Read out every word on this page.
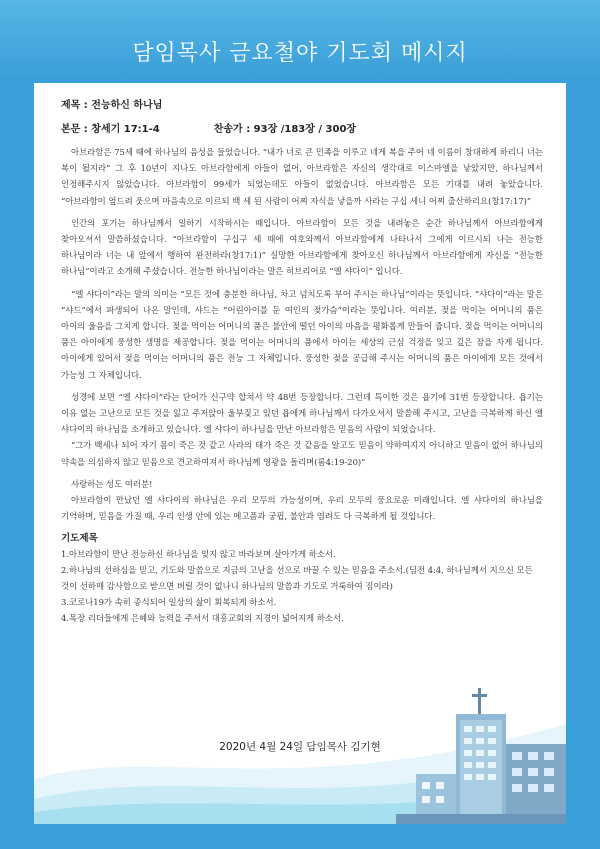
담임목사 금요철야 기도회 메시지
제목 : 전능하신 하나님
본문 : 창세기 17:1-4	찬송가 : 93장 /183장 / 300장

아브라함은 75세 때에 하나님의 음성을 들었습니다. “내가 너로 큰 민족을 이루고 네게 복을 주어 네 이름이 창대하게 하리니 너는 복이 될지라” 그 후 10년이 지나도 아브라함에게 아들이 없어, 아브라함은 자신의 생각대로 이스마엘을 낳았지만, 하나님께서 인정해주시지 않았습니다. 아브라함이 99세가 되었는데도 아들이 없었습니다. 아브라함은 모든 기대를 내려 놓았습니다. “아브라함이 엎드려 웃으며 마음속으로 이르되 백 세 된 사람이 어찌 자식을 낳을까 사라는 구십 세니 어찌 출산하리요(창17:17)”

인간의 포기는 하나님께서 일하기 시작하시는 때입니다. 아브라함이 모든 것을 내려놓은 순간 하나님께서 아브라함에게 찾아오셔서 말씀하셨습니다. “아브라함이 구십구 세 때에 여호와께서 아브라함에게 나타나서 그에게 이르시되 나는 전능한 하나님이라 너는 내 앞에서 행하여 완전하라(창17:1)” 실망한 아브라함에게 찾아오신 하나님께서 아브라함에게 자신을 “전능한 하나님”이라고 소개해 주셨습니다. 전능한 하나님이라는 말은 히브리어로 “엘 샤다이” 입니다.

“엘 샤다이”라는 말의 의미는 “모든 것에 충분한 하나님, 차고 넘치도록 부어 주시는 하나님”이라는 뜻입니다. “샤다이”라는 말은 “샤드”에서 파생되어 나온 말인데, 샤드는 “어린아이를 둔 여인의 젖가슴”이라는 뜻입니다. 여러분, 젖을 먹이는 어머니의 품은 아이의 울음을 그치게 합니다. 젖을 먹이는 어머니의 품은 불안에 떨던 아이의 마음을 평화롭게 만들어 줍니다. 젖을 먹이는 어머니의 품은 아이에게 풍성한 생명을 제공합니다. 젖을 먹이는 어머니의 품에서 아이는 세상의 근심 걱정을 잊고 깊은 잠을 자게 됩니다. 아이에게 있어서 젖을 먹이는 어머니의 품은 전능 그 자체입니다. 풍성한 젖을 공급해 주시는 어머니의 품은 아이에게 모든 것에서 가능성 그 자체입니다.

성경에 보면 “엘 샤다이”라는 단어가 신구약 합쳐서 약 48번 등장합니다. 그런데 특이한 것은 욥기에 31번 등장합니다. 욥기는 이유 없는 고난으로 모든 것을 잃고 주저앉아 울부짖고 있던 욥에게 하나님께서 다가오셔서 말씀해 주시고, 고난을 극복하게 하신 엘 샤다이의 하나님을 소개하고 있습니다. 엘 샤다이 하나님을 만난 아브라함은 믿음의 사람이 되었습니다.

“그가 백세나 되어 자기 몸이 죽은 것 같고 사라의 태가 죽은 것 같음을 알고도 믿음이 약하여지지 아니하고 믿음이 없어 하나님의 약속을 의심하지 않고 믿음으로 견고하여져서 하나님께 영광을 돌리며(롬4:19-20)”

사랑하는 성도 여러분!

아브라함이 만났던 엘 샤다이의 하나님은 우리 모두의 가능성이며, 우리 모두의 풍요로운 미래입니다. 엘 샤다이의 하나님을 기억하며, 믿음을 가질 때, 우리 인생 안에 있는 메고픔과 궁핍, 불안과 염려도 다 극복하게 될 것입니다.

기도제목
1.아브라함이 만난 전능하신 하나님을 잊지 않고 바라보며 살아가게 하소서.
2.하나님의 선하심을 믿고, 기도와 말씀으로 지금의 고난을 선으로 바꿀 수 있는 믿음을 주소서.(딤전 4:4, 하나님께서 지으신 모든 것이 선하매 감사함으로 받으면 버릴 것이 없나니 하나님의 말씀과 기도로 거룩하여 짐이라)
3.코로나19가 속히 종식되어 일상의 삶이 회복되게 하소서.
4.목장 리더들에게 은혜와 능력을 주셔서 대흥교회의 지경이 넓어지게 하소서.
2020년 4월 24일 담임목사 김기현
